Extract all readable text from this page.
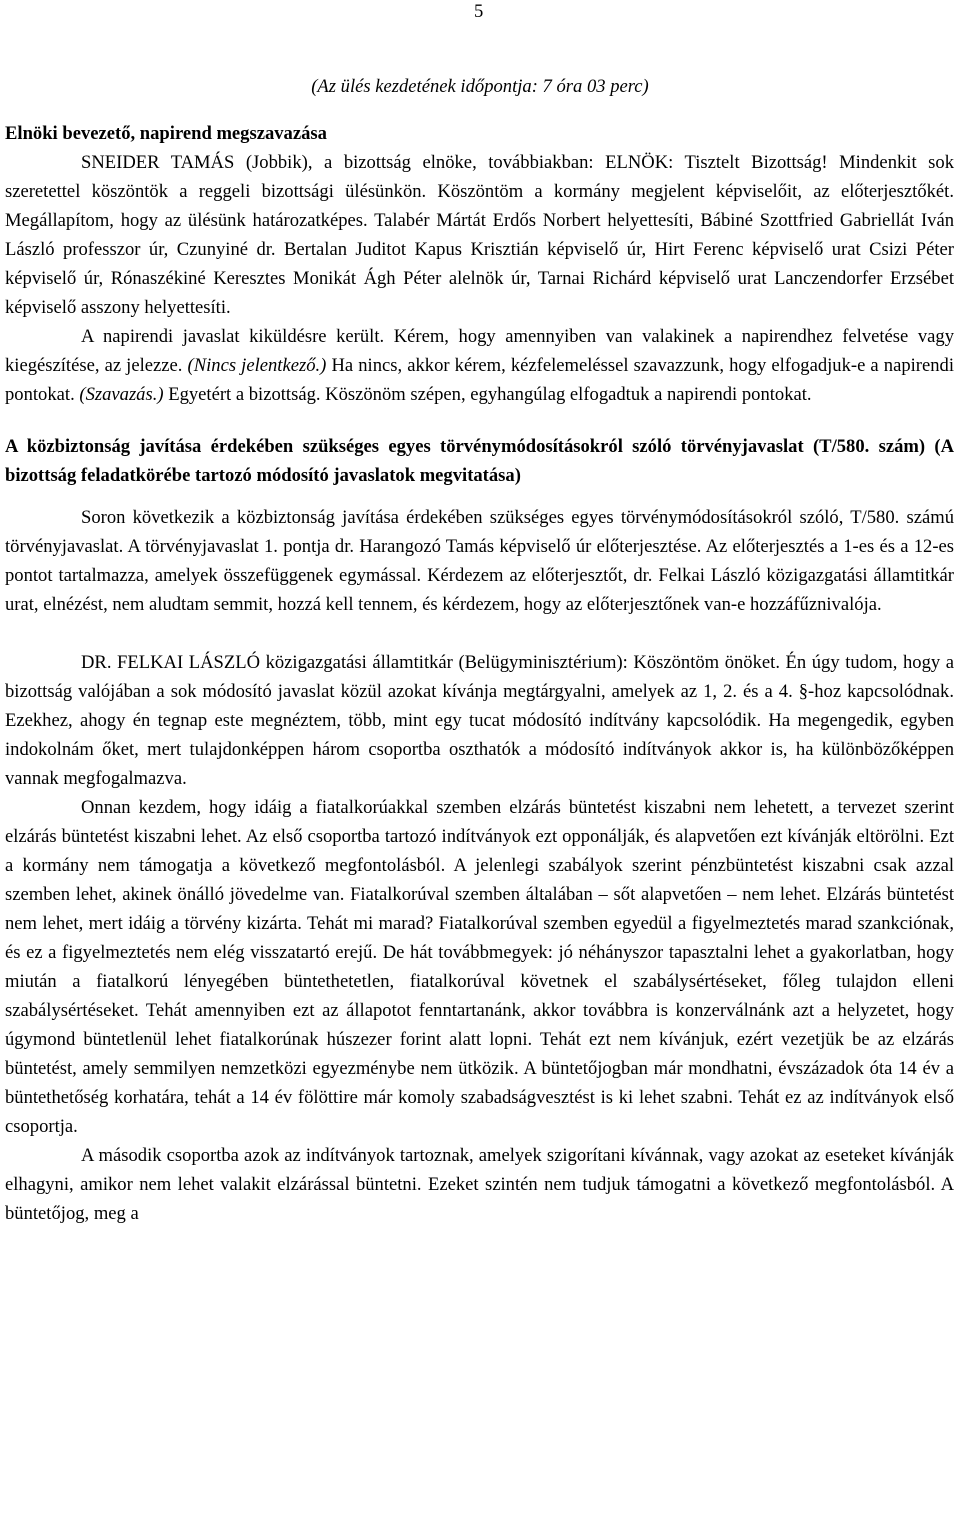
5

(Az ülés kezdetének időpontja: 7 óra 03 perc)

Elnöki bevezető, napirend megszavazása

SNEIDER TAMÁS (Jobbik), a bizottság elnöke, továbbiakban: ELNÖK: Tisztelt Bizottság! Mindenkit sok szeretettel köszöntök a reggeli bizottsági ülésünkön. Köszöntöm a kormány megjelent képviselőit, az előterjesztőkét. Megállapítom, hogy az ülésünk határozatképes. Talabér Mártát Erdős Norbert helyettesíti, Bábiné Szottfried Gabriellát Iván László professzor úr, Czunyiné dr. Bertalan Juditot Kapus Krisztián képviselő úr, Hirt Ferenc képviselő urat Csizi Péter képviselő úr, Rónaszékiné Keresztes Monikát Ágh Péter alelnök úr, Tarnai Richárd képviselő urat Lanczendorfer Erzsébet képviselő asszony helyettesíti.

A napirendi javaslat kiküldésre került. Kérem, hogy amennyiben van valakinek a napirendhez felvetése vagy kiegészítése, az jelezze. (Nincs jelentkező.) Ha nincs, akkor kérem, kézfelemeléssel szavazzunk, hogy elfogadjuk-e a napirendi pontokat. (Szavazás.) Egyetért a bizottság. Köszönöm szépen, egyhangúlag elfogadtuk a napirendi pontokat.

A közbiztonság javítása érdekében szükséges egyes törvénymódosításokról szóló törvényjavaslat (T/580. szám) (A bizottság feladatkörébe tartozó módosító javaslatok megvitatása)

Soron következik a közbiztonság javítása érdekében szükséges egyes törvénymódosításokról szóló, T/580. számú törvényjavaslat. A törvényjavaslat 1. pontja dr. Harangozó Tamás képviselő úr előterjesztése. Az előterjesztés a 1-es és a 12-es pontot tartalmazza, amelyek összefüggenek egymással. Kérdezem az előterjesztőt, dr. Felkai László közigazgatási államtitkár urat, elnézést, nem aludtam semmit, hozzá kell tennem, és kérdezem, hogy az előterjesztőnek van-e hozzáfűznivalója.

DR. FELKAI LÁSZLÓ közigazgatási államtitkár (Belügyminisztérium): Köszöntöm önöket. Én úgy tudom, hogy a bizottság valójában a sok módosító javaslat közül azokat kívánja megtárgyalni, amelyek az 1, 2. és a 4. §-hoz kapcsolódnak. Ezekhez, ahogy én tegnap este megnéztem, több, mint egy tucat módosító indítvány kapcsolódik. Ha megengedik, egyben indokolnám őket, mert tulajdonképpen három csoportba oszthatók a módosító indítványok akkor is, ha különbözőképpen vannak megfogalmazva.

Onnan kezdem, hogy idáig a fiatalkorúakkal szemben elzárás büntetést kiszabni nem lehetett, a tervezet szerint elzárás büntetést kiszabni lehet. Az első csoportba tartozó indítványok ezt opponálják, és alapvetően ezt kívánják eltörölni. Ezt a kormány nem támogatja a következő megfontolásból. A jelenlegi szabályok szerint pénzbüntetést kiszabni csak azzal szemben lehet, akinek önálló jövedelme van. Fiatalkorúval szemben általában – sőt alapvetően – nem lehet. Elzárás büntetést nem lehet, mert idáig a törvény kizárta. Tehát mi marad? Fiatalkorúval szemben egyedül a figyelmeztetés marad szankciónak, és ez a figyelmeztetés nem elég visszatartó erejű. De hát továbbmegyek: jó néhányszor tapasztalni lehet a gyakorlatban, hogy miután a fiatalkorú lényegében büntethetetlen, fiatalkorúval követnek el szabálysértéseket, főleg tulajdon elleni szabálysértéseket. Tehát amennyiben ezt az állapotot fenntartanánk, akkor továbbra is konzerválnánk azt a helyzetet, hogy úgymond büntetlenül lehet fiatalkorúnak húszezer forint alatt lopni. Tehát ezt nem kívánjuk, ezért vezetjük be az elzárás büntetést, amely semmilyen nemzetközi egyezménybe nem ütközik. A büntetőjogban már mondhatni, évszázadok óta 14 év a büntethetőség korhatára, tehát a 14 év fölöttire már komoly szabadságvesztést is ki lehet szabni. Tehát ez az indítványok első csoportja.

A második csoportba azok az indítványok tartoznak, amelyek szigorítani kívánnak, vagy azokat az eseteket kívánják elhagyni, amikor nem lehet valakit elzárással büntetni. Ezeket szintén nem tudjuk támogatni a következő megfontolásból. A büntetőjog, meg a
